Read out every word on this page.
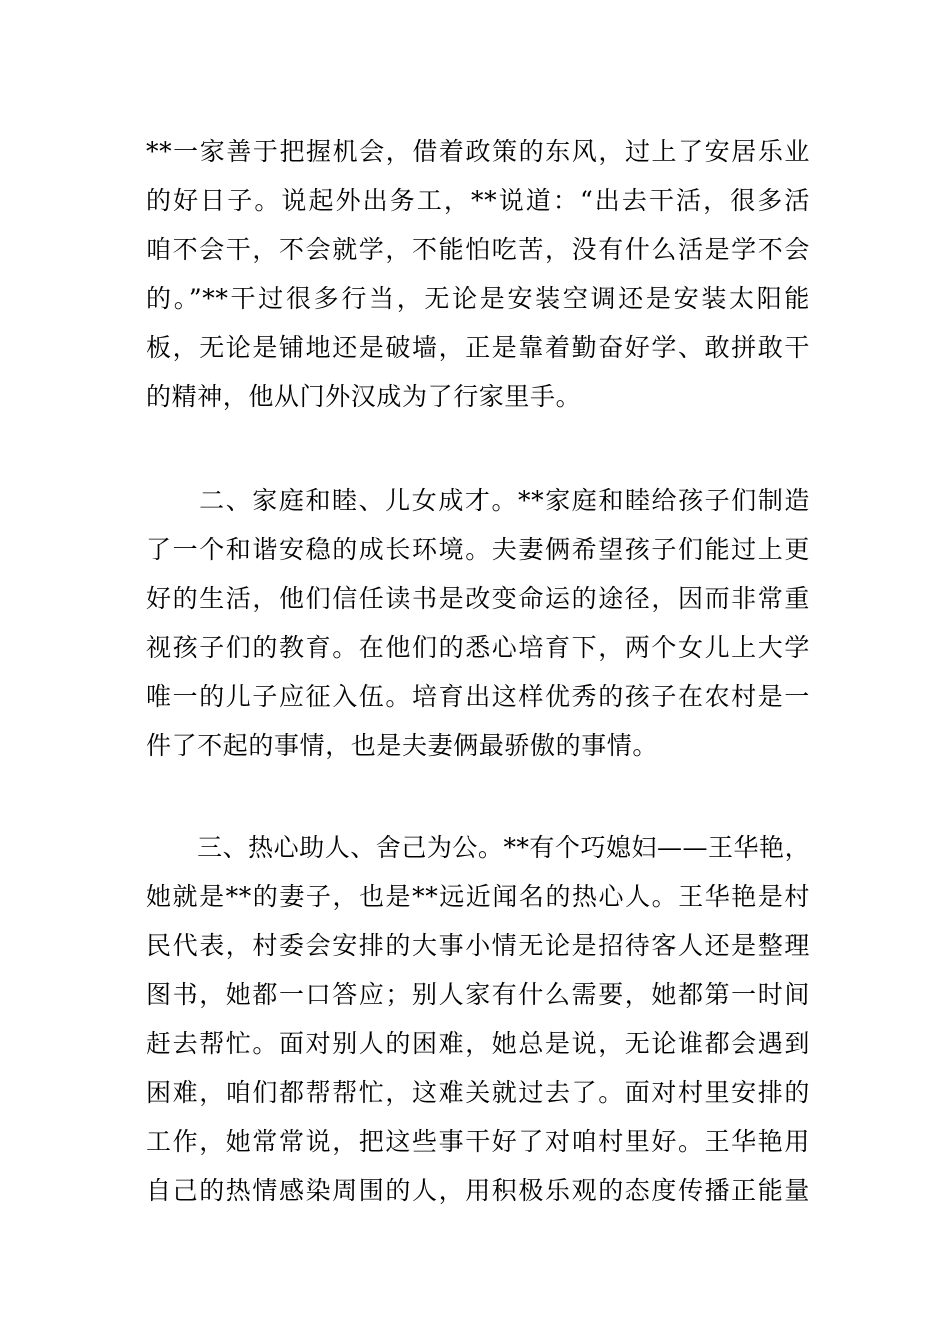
**一家善于把握机会，借着政策的东风，过上了安居乐业
的好日子。说起外出务工，**说道：“出去干活，很多活
咱不会干，不会就学，不能怕吃苦，没有什么活是学不会
的。”**干过很多行当，无论是安装空调还是安装太阳能
板，无论是铺地还是破墙，正是靠着勤奋好学、敢拼敢干
的精神，他从门外汉成为了行家里手。
　　二、家庭和睦、儿女成才。**家庭和睦给孩子们制造
了一个和谐安稳的成长环境。夫妻俩希望孩子们能过上更
好的生活，他们信任读书是改变命运的途径，因而非常重
视孩子们的教育。在他们的悉心培育下，两个女儿上大学
唯一的儿子应征入伍。培育出这样优秀的孩子在农村是一
件了不起的事情，也是夫妻俩最骄傲的事情。
　　三、热心助人、舍己为公。**有个巧媳妇——王华艳，
她就是**的妻子，也是**远近闻名的热心人。王华艳是村
民代表，村委会安排的大事小情无论是招待客人还是整理
图书，她都一口答应；别人家有什么需要，她都第一时间
赶去帮忙。面对别人的困难，她总是说，无论谁都会遇到
困难，咱们都帮帮忙，这难关就过去了。面对村里安排的
工作，她常常说，把这些事干好了对咱村里好。王华艳用
自己的热情感染周围的人，用积极乐观的态度传播正能量
